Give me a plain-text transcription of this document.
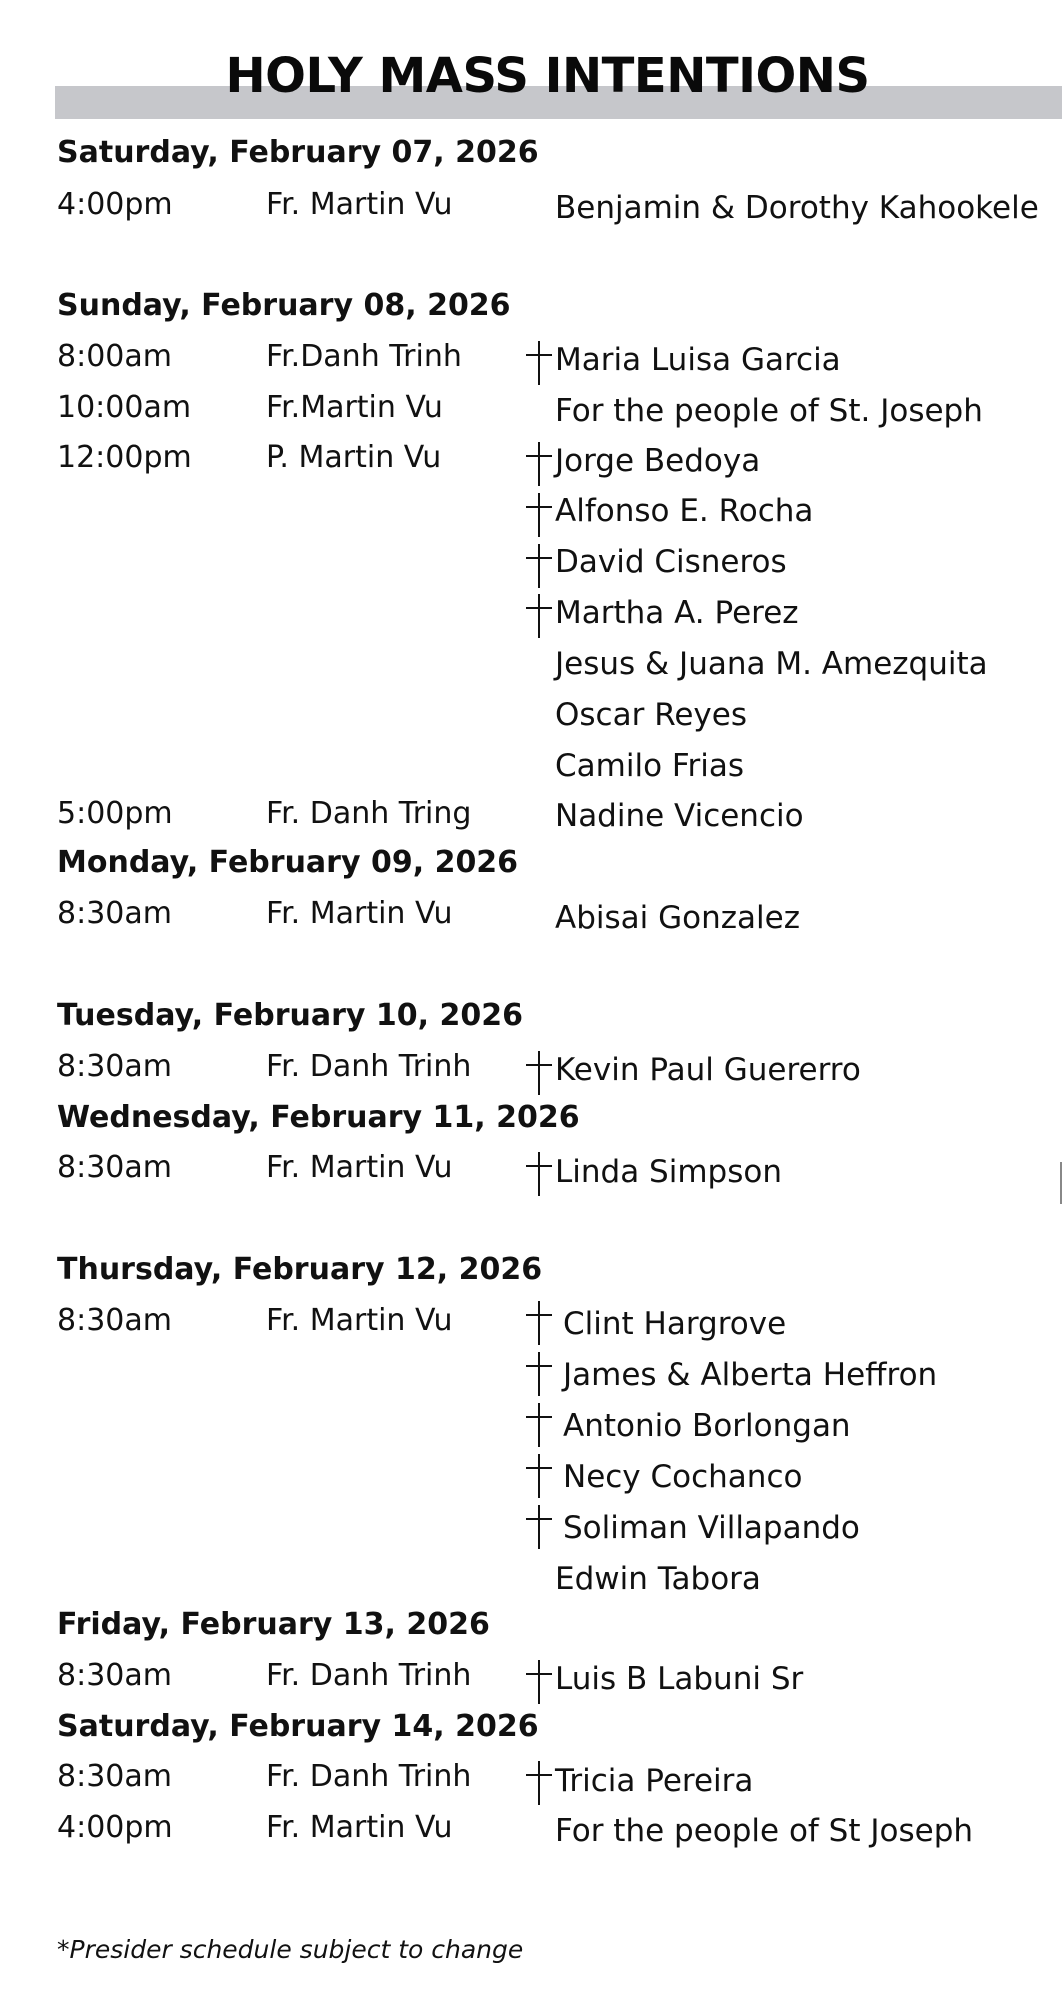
HOLY MASS INTENTIONS
Saturday, February 07, 2026
4:00pm	Fr. Martin Vu	Benjamin & Dorothy Kahookele
Sunday, February 08, 2026
8:00am	Fr.Danh Trinh	Maria Luisa Garcia
10:00am Fr.Martin Vu	For the people of St. Joseph
12:00pm P. Martin Vu	Jorge Bedoya
Alfonso E. Rocha
David Cisneros
Martha A. Perez
Jesus & Juana M. Amezquita
Oscar Reyes
Camilo Frias
5:00pm	Fr. Danh Tring	Nadine Vicencio
Monday, February 09, 2026
8:30am	Fr. Martin Vu	Abisai Gonzalez
Tuesday, February 10, 2026
8:30am	Fr. Danh Trinh	Kevin Paul Guererro
Wednesday, February 11, 2026
8:30am	Fr. Martin Vu	Linda Simpson
Thursday, February 12, 2026
8:30am	Fr. Martin Vu	Clint Hargrove
James & Alberta Heffron
Antonio Borlongan
Necy Cochanco
Soliman Villapando
Edwin Tabora
Friday, February 13, 2026
8:30am	Fr. Danh Trinh	Luis B Labuni Sr
Saturday, February 14, 2026
8:30am	Fr. Danh Trinh	Tricia Pereira
4:00pm	Fr. Martin Vu	For the people of St Joseph
*Presider schedule subject to change
